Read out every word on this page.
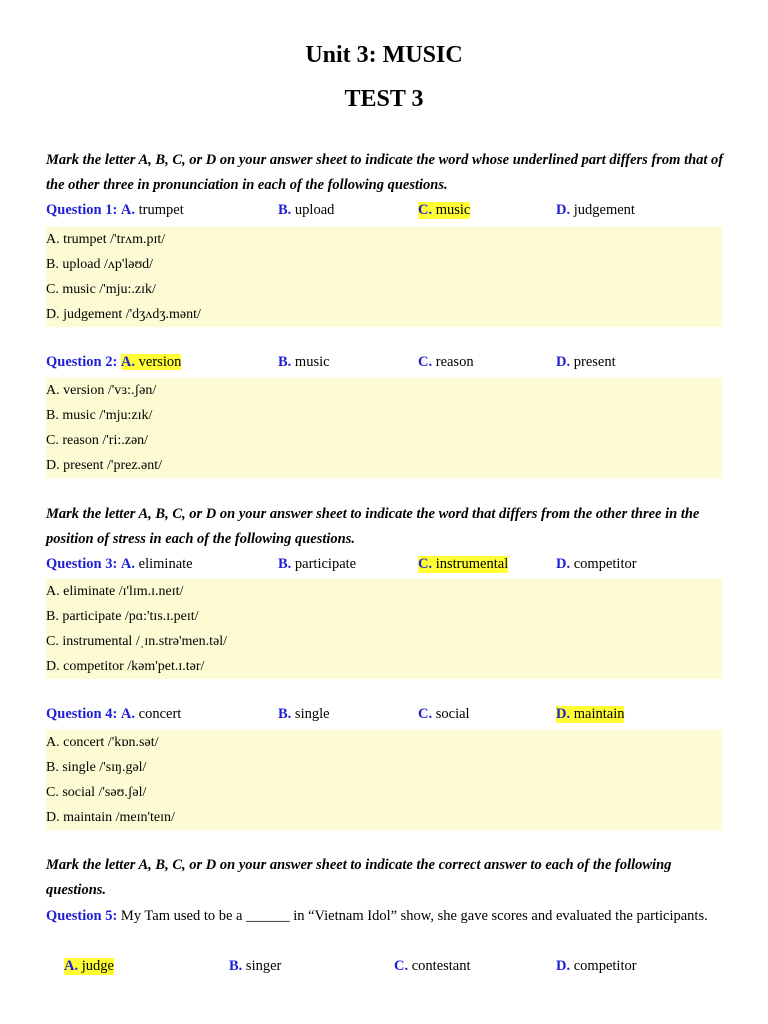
Unit 3: MUSIC
TEST 3
Mark the letter A, B, C, or D on your answer sheet to indicate the word whose underlined part differs from that of the other three in pronunciation in each of the following questions.
Question 1: A. trumpet	B. upload	C. music	D. judgement
A. trumpet /'trʌm.pɪt/
B. upload /ʌp'ləʊd/
C. music /'mju:.zɪk/
D. judgement /'dʒʌdʒ.mənt/
Question 2: A. version	B. music	C. reason	D. present
A. version /'vɜ:.ʃən/
B. music /'mju:zɪk/
C. reason /'ri:.zən/
D. present /'prez.ənt/
Mark the letter A, B, C, or D on your answer sheet to indicate the word that differs from the other three in the position of stress in each of the following questions.
Question 3: A. eliminate	B. participate	C. instrumental	D. competitor
A. eliminate /ɪ'lɪm.ɪ.neɪt/
B. participate /pɑ:'tɪs.ɪ.peɪt/
C. instrumental /ˌɪn.strə'men.təl/
D. competitor /kəm'pet.ɪ.tər/
Question 4: A. concert	B. single	C. social	D. maintain
A. concert /'kɒn.sət/
B. single /'sɪŋ.gəl/
C. social /'səʊ.ʃəl/
D. maintain /meɪn'teɪn/
Mark the letter A, B, C, or D on your answer sheet to indicate the correct answer to each of the following questions.
Question 5: My Tam used to be a ______ in “Vietnam Idol” show, she gave scores and evaluated the participants.
A. judge	B. singer	C. contestant	D. competitor
